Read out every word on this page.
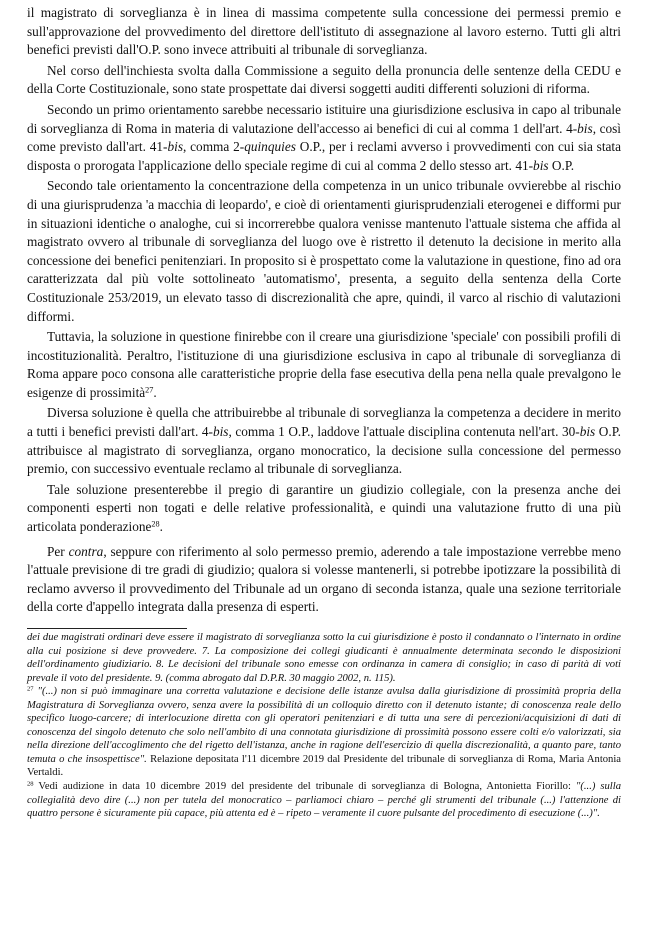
il magistrato di sorveglianza è in linea di massima competente sulla concessione dei permessi premio e sull'approvazione del provvedimento del direttore dell'istituto di assegnazione al lavoro esterno. Tutti gli altri benefici previsti dall'O.P. sono invece attribuiti al tribunale di sorveglianza.

Nel corso dell'inchiesta svolta dalla Commissione a seguito della pronuncia delle sentenze della CEDU e della Corte Costituzionale, sono state prospettate dai diversi soggetti auditi differenti soluzioni di riforma.

Secondo un primo orientamento sarebbe necessario istituire una giurisdizione esclusiva in capo al tribunale di sorveglianza di Roma in materia di valutazione dell'accesso ai benefici di cui al comma 1 dell'art. 4-bis, così come previsto dall'art. 41-bis, comma 2-quinquies O.P., per i reclami avverso i provvedimenti con cui sia stata disposta o prorogata l'applicazione dello speciale regime di cui al comma 2 dello stesso art. 41-bis O.P.

Secondo tale orientamento la concentrazione della competenza in un unico tribunale ovvierebbe al rischio di una giurisprudenza 'a macchia di leopardo', e cioè di orientamenti giurisprudenziali eterogenei e difformi pur in situazioni identiche o analoghe, cui si incorrerebbe qualora venisse mantenuto l'attuale sistema che affida al magistrato ovvero al tribunale di sorveglianza del luogo ove è ristretto il detenuto la decisione in merito alla concessione dei benefici penitenziari. In proposito si è prospettato come la valutazione in questione, fino ad ora caratterizzata dal più volte sottolineato 'automatismo', presenta, a seguito della sentenza della Corte Costituzionale 253/2019, un elevato tasso di discrezionalità che apre, quindi, il varco al rischio di valutazioni difformi.

Tuttavia, la soluzione in questione finirebbe con il creare una giurisdizione 'speciale' con possibili profili di incostituzionalità. Peraltro, l'istituzione di una giurisdizione esclusiva in capo al tribunale di sorveglianza di Roma appare poco consona alle caratteristiche proprie della fase esecutiva della pena nella quale prevalgono le esigenze di prossimità$^{27}$.

Diversa soluzione è quella che attribuirebbe al tribunale di sorveglianza la competenza a decidere in merito a tutti i benefici previsti dall'art. 4-bis, comma 1 O.P., laddove l'attuale disciplina contenuta nell'art. 30-bis O.P. attribuisce al magistrato di sorveglianza, organo monocratico, la decisione sulla concessione del permesso premio, con successivo eventuale reclamo al tribunale di sorveglianza.

Tale soluzione presenterebbe il pregio di garantire un giudizio collegiale, con la presenza anche dei componenti esperti non togati e delle relative professionalità, e quindi una valutazione frutto di una più articolata ponderazione$^{28}$.

Per contra, seppure con riferimento al solo permesso premio, aderendo a tale impostazione verrebbe meno l'attuale previsione di tre gradi di giudizio; qualora si volesse mantenerli, si potrebbe ipotizzare la possibilità di reclamo avverso il provvedimento del Tribunale ad un organo di seconda istanza, quale una sezione territoriale della corte d'appello integrata dalla presenza di esperti.

dei due magistrati ordinari deve essere il magistrato di sorveglianza sotto la cui giurisdizione è posto il condannato o l'internato in ordine alla cui posizione si deve provvedere. 7. La composizione dei collegi giudicanti è annualmente determinata secondo le disposizioni dell'ordinamento giudiziario. 8. Le decisioni del tribunale sono emesse con ordinanza in camera di consiglio; in caso di parità di voti prevale il voto del presidente. 9. (comma abrogato dal D.P.R. 30 maggio 2002, n. 115).

$^{27}$ "(...) non si può immaginare una corretta valutazione e decisione delle istanze avulsa dalla giurisdizione di prossimità propria della Magistratura di Sorveglianza ovvero, senza avere la possibilità di un colloquio diretto con il detenuto istante; di conoscenza reale dello specifico luogo-carcere; di interlocuzione diretta con gli operatori penitenziari e di tutta una sere di percezioni/acquisizioni di dati di conoscenza del singolo detenuto che solo nell'ambito di una connotata giurisdizione di prossimità possono essere colti e/o valorizzati, sia nella direzione dell'accoglimento che del rigetto dell'istanza, anche in ragione dell'esercizio di quella discrezionalità, a quanto pare, tanto temuta o che insospettisce". Relazione depositata l'11 dicembre 2019 dal Presidente del tribunale di sorveglianza di Roma, Maria Antonia Vertaldi.

$^{28}$ Vedi audizione in data 10 dicembre 2019 del presidente del tribunale di sorveglianza di Bologna, Antonietta Fiorillo: "(...) sulla collegialità devo dire (...) non per tutela del monocratico – parliamoci chiaro – perché gli strumenti del tribunale (...) l'attenzione di quattro persone è sicuramente più capace, più attenta ed è – ripeto – veramente il cuore pulsante del procedimento di esecuzione (...)".
